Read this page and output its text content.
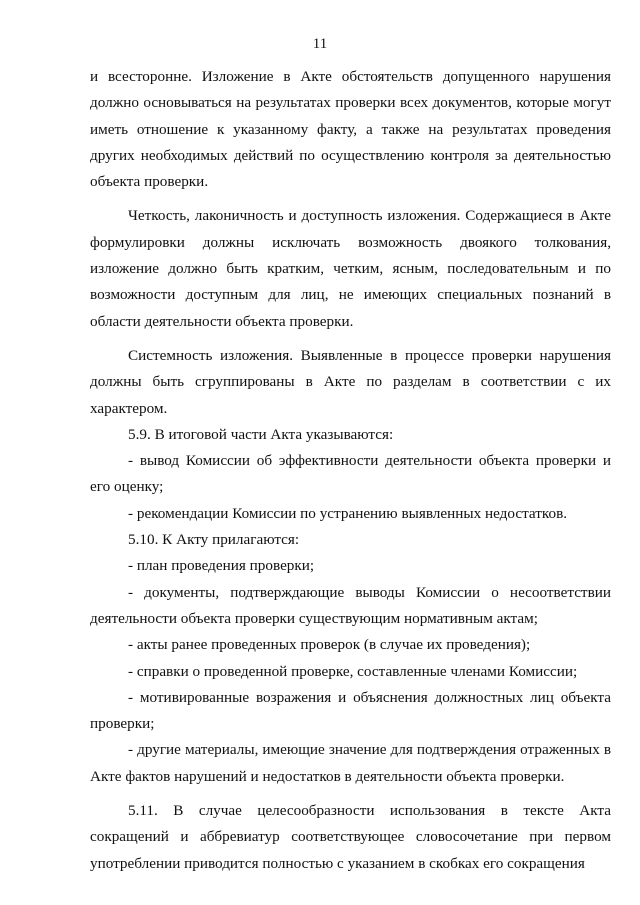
11

и всесторонне. Изложение в Акте обстоятельств допущенного нарушения должно основываться на результатах проверки всех документов, которые могут иметь отношение к указанному факту, а также на результатах проведения других необходимых действий по осуществлению контроля за деятельностью объекта проверки.

Четкость, лаконичность и доступность изложения. Содержащиеся в Акте формулировки должны исключать возможность двоякого толкования, изложение должно быть кратким, четким, ясным, последовательным и по возможности доступным для лиц, не имеющих специальных познаний в области деятельности объекта проверки.

Системность изложения. Выявленные в процессе проверки нарушения должны быть сгруппированы в Акте по разделам в соответствии с их характером.

5.9. В итоговой части Акта указываются:

- вывод Комиссии об эффективности деятельности объекта проверки и его оценку;

- рекомендации Комиссии по устранению выявленных недостатков.

5.10. К Акту прилагаются:

- план проведения проверки;

- документы, подтверждающие выводы Комиссии о несоответствии деятельности объекта проверки существующим нормативным актам;

- акты ранее проведенных проверок (в случае их проведения);

- справки о проведенной проверке, составленные членами Комиссии;

- мотивированные возражения и объяснения должностных лиц объекта проверки;

- другие материалы, имеющие значение для подтверждения отраженных в Акте фактов нарушений и недостатков в деятельности объекта проверки.

5.11. В случае целесообразности использования в тексте Акта сокращений и аббревиатур соответствующее словосочетание при первом употреблении приводится полностью с указанием в скобках его сокращения
